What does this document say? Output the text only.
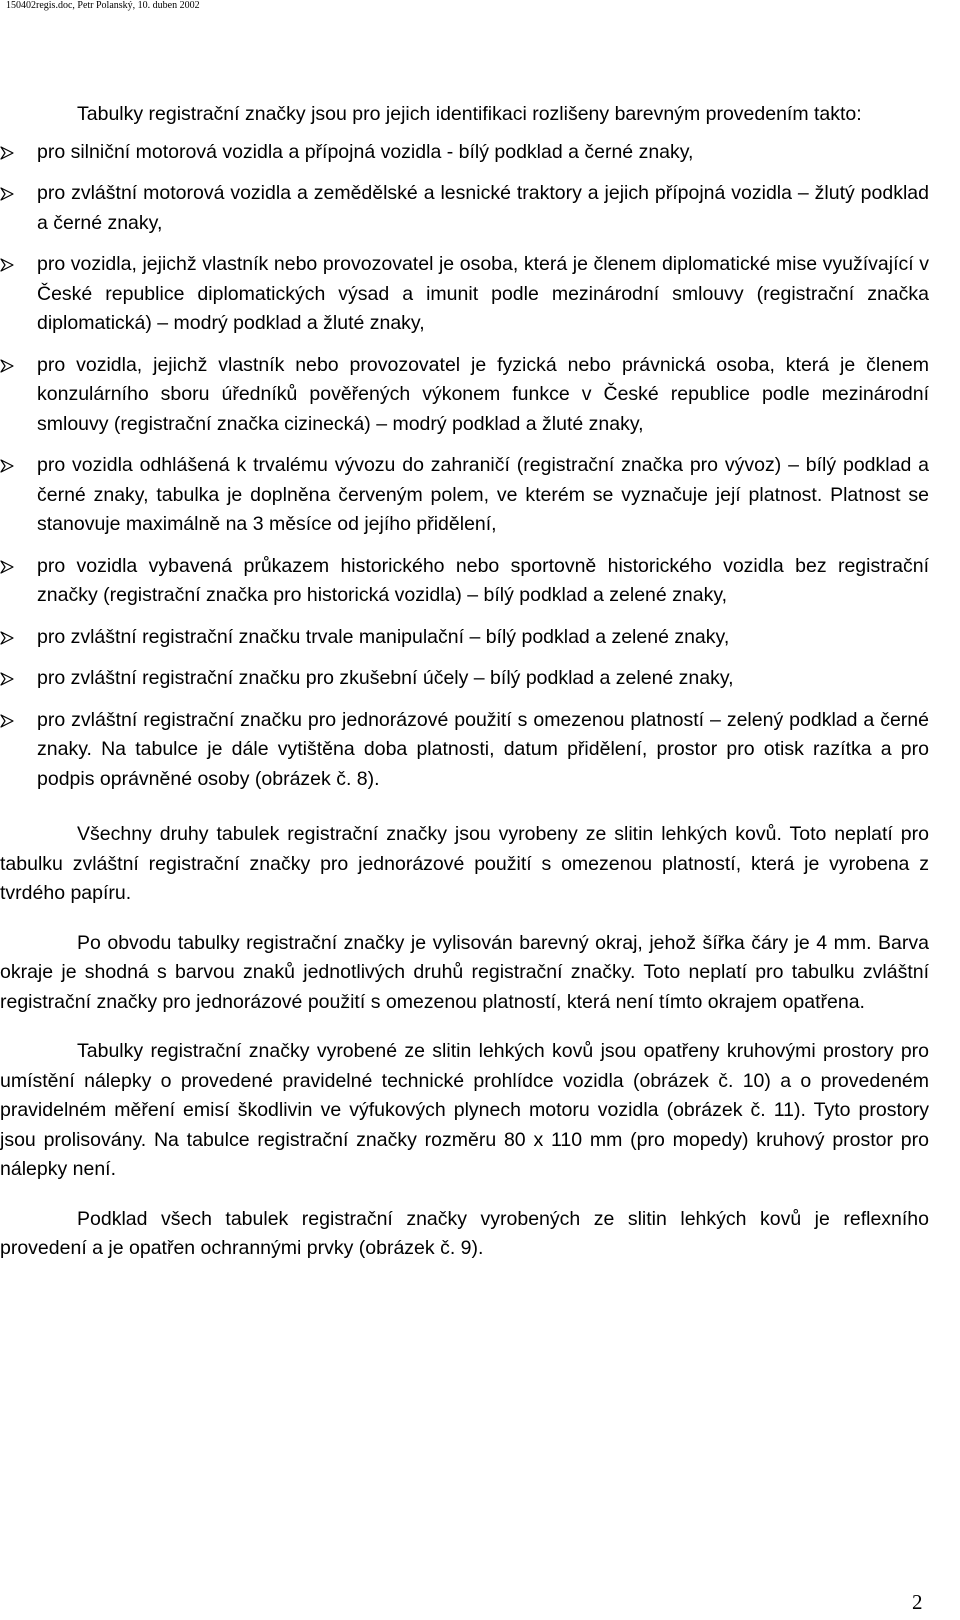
150402regis.doc, Petr Polanský, 10. duben 2002

Tabulky registrační značky jsou pro jejich identifikaci rozlišeny barevným provedením takto:

pro silniční motorová vozidla a přípojná vozidla - bílý podklad a černé znaky,
pro zvláštní motorová vozidla a zemědělské a lesnické traktory a jejich přípojná vozidla – žlutý podklad a černé znaky,
pro vozidla, jejichž vlastník nebo provozovatel je osoba, která je členem diplomatické mise využívající v České republice diplomatických výsad a imunit podle mezinárodní smlouvy (registrační značka diplomatická) – modrý podklad a žluté znaky,
pro vozidla, jejichž vlastník nebo provozovatel je fyzická nebo právnická osoba, která je členem konzulárního sboru úředníků pověřených výkonem funkce v České republice podle mezinárodní smlouvy (registrační značka cizinecká) – modrý podklad a žluté znaky,
pro vozidla odhlášená k trvalému vývozu do zahraničí (registrační značka pro vývoz) – bílý podklad a černé znaky, tabulka je doplněna červeným polem, ve kterém se vyznačuje její platnost. Platnost se stanovuje maximálně na 3 měsíce od jejího přidělení,
pro vozidla vybavená průkazem historického nebo sportovně historického vozidla bez registrační značky (registrační značka pro historická vozidla) – bílý podklad a zelené znaky,
pro zvláštní registrační značku trvale manipulační – bílý podklad a zelené znaky,
pro zvláštní registrační značku pro zkušební účely – bílý podklad a zelené znaky,
pro zvláštní registrační značku pro jednorázové použití s omezenou platností – zelený podklad a černé znaky. Na tabulce je dále vytištěna doba platnosti, datum přidělení, prostor pro otisk razítka a pro podpis oprávněné osoby (obrázek č. 8).

Všechny druhy tabulek registrační značky jsou vyrobeny ze slitin lehkých kovů. Toto neplatí pro tabulku zvláštní registrační značky pro jednorázové použití s omezenou platností, která je vyrobena z tvrdého papíru.

Po obvodu tabulky registrační značky je vylisován barevný okraj, jehož šířka čáry je 4 mm. Barva okraje je shodná s barvou znaků jednotlivých druhů registrační značky. Toto neplatí pro tabulku zvláštní registrační značky pro jednorázové použití s omezenou platností, která není tímto okrajem opatřena.

Tabulky registrační značky vyrobené ze slitin lehkých kovů jsou opatřeny kruhovými prostory pro umístění nálepky o provedené pravidelné technické prohlídce vozidla (obrázek č. 10) a o provedeném pravidelném měření emisí škodlivin ve výfukových plynech motoru vozidla (obrázek č. 11). Tyto prostory jsou prolisovány. Na tabulce registrační značky rozměru 80 x 110 mm (pro mopedy) kruhový prostor pro nálepky není.

Podklad všech tabulek registrační značky vyrobených ze slitin lehkých kovů je reflexního provedení a je opatřen ochrannými prvky (obrázek č. 9).

2
